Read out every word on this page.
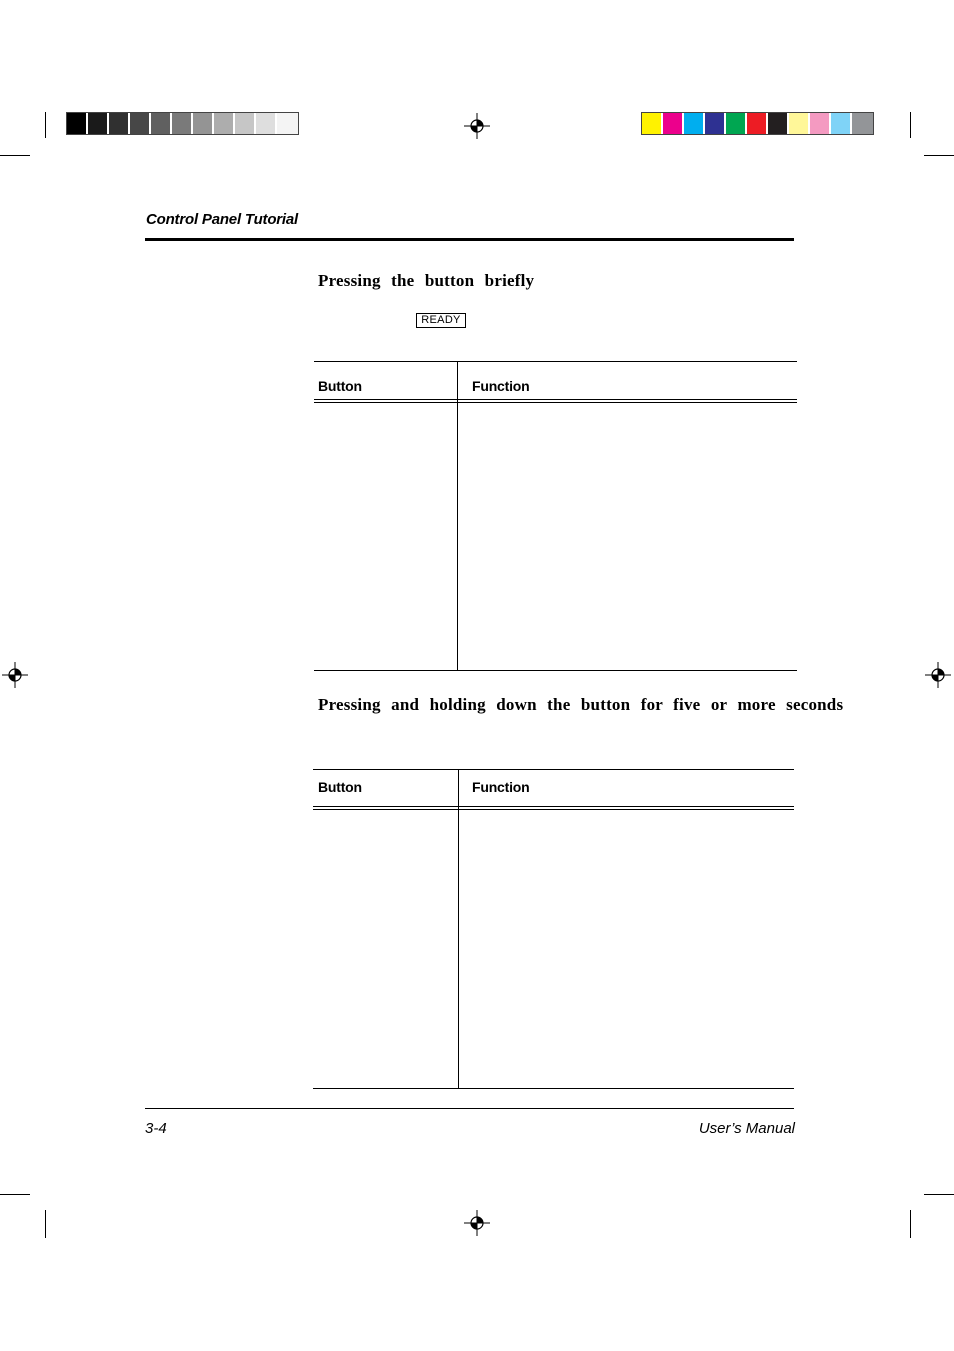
Control Panel Tutorial
Pressing the button briefly
READY
Button	Function
Pressing and holding down the button for five or more seconds
Button	Function
3-4	User’s Manual
